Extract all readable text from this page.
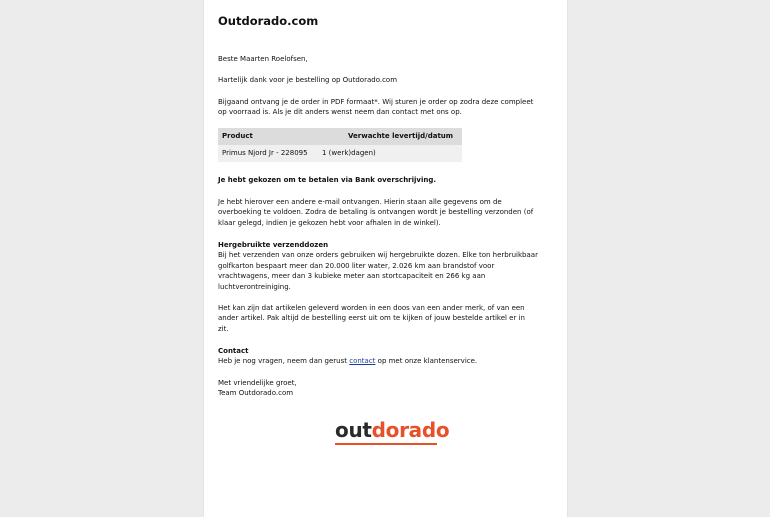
Outdorado.com
Beste Maarten Roelofsen,
Hartelijk dank voor je bestelling op Outdorado.com
Bijgaand ontvang je de order in PDF formaat*. Wij sturen je order op zodra deze compleet
op voorraad is. Als je dit anders wenst neem dan contact met ons op.
Product	Verwachte levertijd/datum
Primus Njord Jr - 228095 1 (werk)dagen)
Je hebt gekozen om te betalen via Bank overschrijving.
Je hebt hierover een andere e-mail ontvangen. Hierin staan alle gegevens om de
overboeking te voldoen. Zodra de betaling is ontvangen wordt je bestelling verzonden (of
klaar gelegd, indien je gekozen hebt voor afhalen in de winkel).
Hergebruikte verzenddozen
Bij het verzenden van onze orders gebruiken wij hergebruikte dozen. Elke ton herbruikbaar
golfkarton bespaart meer dan 20.000 liter water, 2.026 km aan brandstof voor
vrachtwagens, meer dan 3 kubieke meter aan stortcapaciteit en 266 kg aan
luchtverontreiniging.
Het kan zijn dat artikelen geleverd worden in een doos van een ander merk, of van een
ander artikel. Pak altijd de bestelling eerst uit om te kijken of jouw bestelde artikel er in
zit.
Contact
Heb je nog vragen, neem dan gerust contact op met onze klantenservice.
Met vriendelijke groet,
Team Outdorado.com
outdorado
